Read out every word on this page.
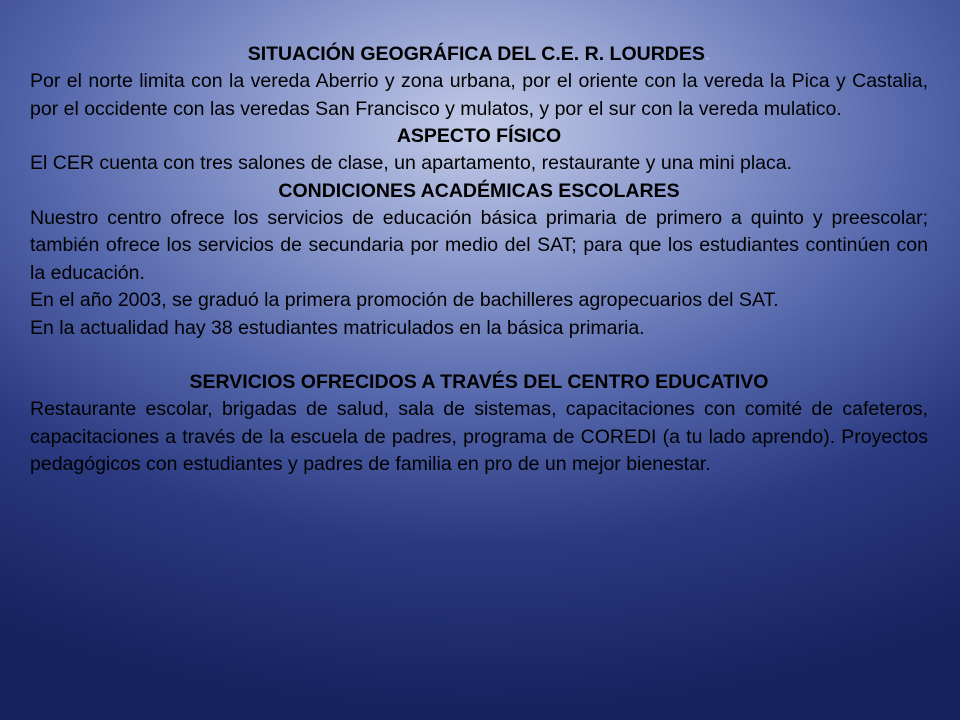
SITUACIÓN GEOGRÁFICA DEL C.E. R. LOURDES.

Por el norte limita con la vereda Aberrio y zona urbana, por el oriente con la vereda la Pica y Castalia, por el occidente con las veredas San Francisco y mulatos, y por el sur con la vereda mulatico.

ASPECTO FÍSICO

El CER cuenta con tres salones de clase, un apartamento, restaurante y una mini placa.

CONDICIONES ACADÉMICAS ESCOLARES

Nuestro centro ofrece los servicios de educación básica primaria de primero a quinto y preescolar; también ofrece los servicios de secundaria por medio del SAT; para que los estudiantes continúen con la educación.

En el año 2003, se graduó la primera promoción de bachilleres agropecuarios del SAT.

En la actualidad hay 38 estudiantes matriculados en la básica primaria.

SERVICIOS OFRECIDOS A TRAVÉS DEL CENTRO EDUCATIVO

Restaurante escolar, brigadas de salud, sala de sistemas, capacitaciones con comité de cafeteros, capacitaciones a través de la escuela de padres, programa de COREDI (a tu lado aprendo). Proyectos pedagógicos con estudiantes y padres de familia en pro de un mejor bienestar.
